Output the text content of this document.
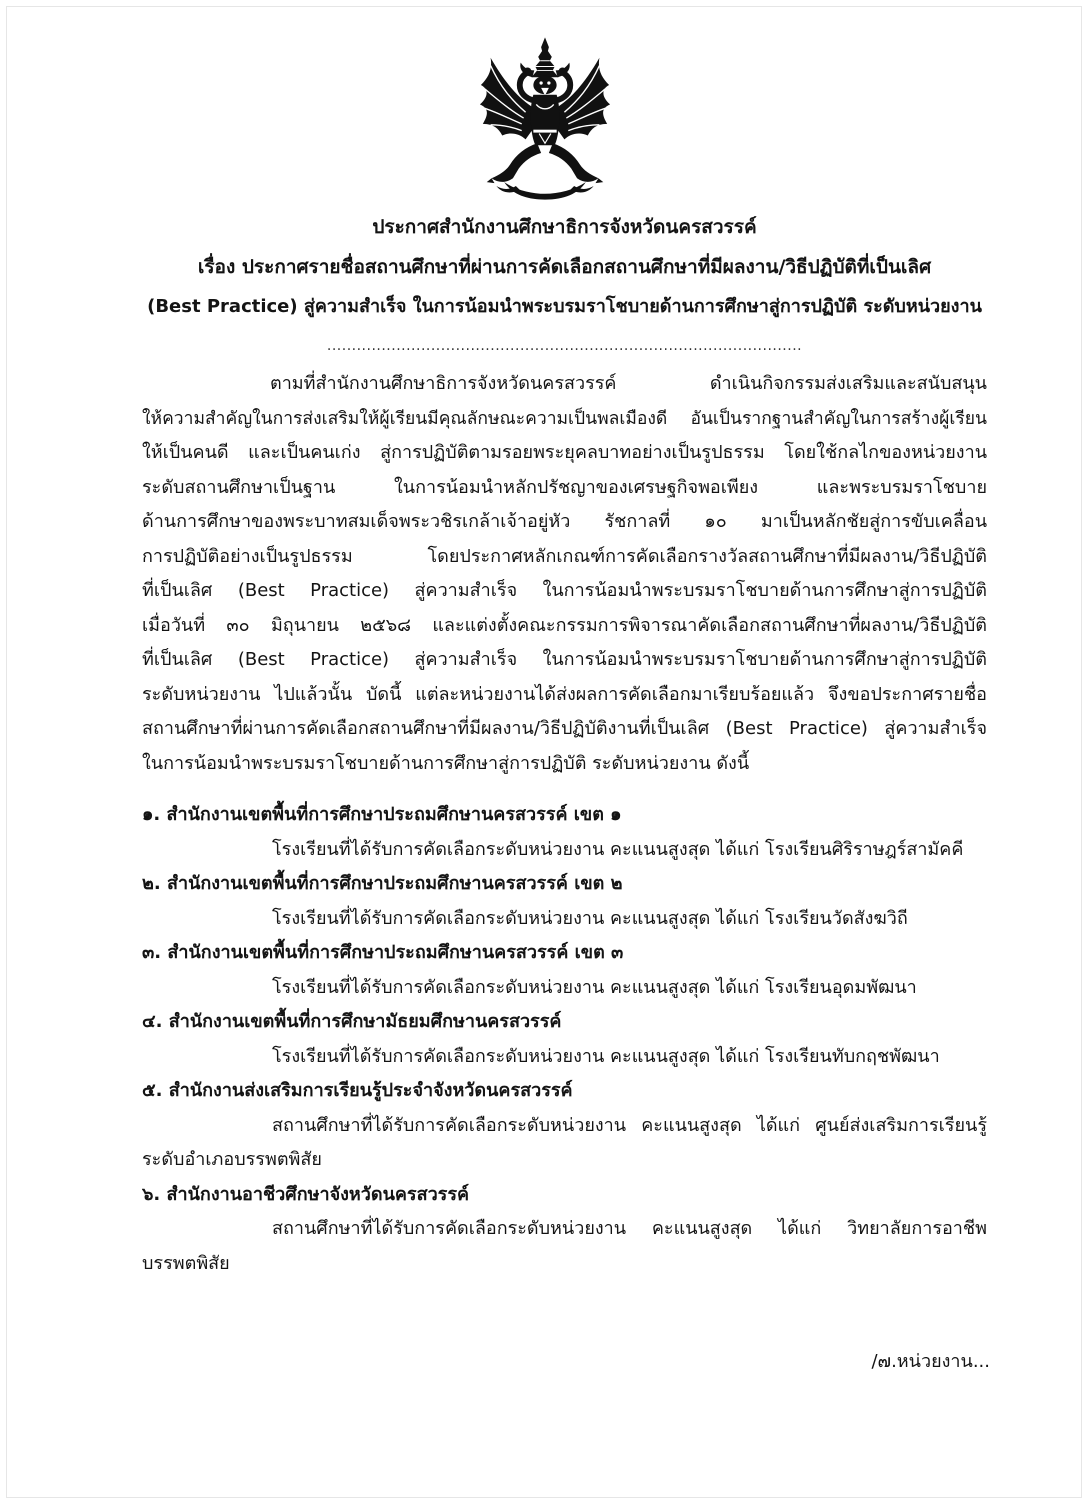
ประกาศสำนักงานศึกษาธิการจังหวัดนครสวรรค์
เรื่อง ประกาศรายชื่อสถานศึกษาที่ผ่านการคัดเลือกสถานศึกษาที่มีผลงาน/วิธีปฏิบัติที่เป็นเลิศ
(Best Practice) สู่ความสำเร็จ ในการน้อมนำพระบรมราโชบายด้านการศึกษาสู่การปฏิบัติ ระดับหน่วยงาน
................................................................................................
ตามที่สำนักงานศึกษาธิการจังหวัดนครสวรรค์ ดำเนินกิจกรรมส่งเสริมและสนับสนุน
ให้ความสำคัญในการส่งเสริมให้ผู้เรียนมีคุณลักษณะความเป็นพลเมืองดี อันเป็นรากฐานสำคัญในการสร้างผู้เรียน
ให้เป็นคนดี และเป็นคนเก่ง สู่การปฏิบัติตามรอยพระยุคลบาทอย่างเป็นรูปธรรม โดยใช้กลไกของหน่วยงาน
ระดับสถานศึกษาเป็นฐาน ในการน้อมนำหลักปรัชญาของเศรษฐกิจพอเพียง และพระบรมราโชบาย
ด้านการศึกษาของพระบาทสมเด็จพระวชิรเกล้าเจ้าอยู่หัว รัชกาลที่ ๑๐ มาเป็นหลักชัยสู่การขับเคลื่อน
การปฏิบัติอย่างเป็นรูปธรรม โดยประกาศหลักเกณฑ์การคัดเลือกรางวัลสถานศึกษาที่มีผลงาน/วิธีปฏิบัติ
ที่เป็นเลิศ (Best Practice) สู่ความสำเร็จ ในการน้อมนำพระบรมราโชบายด้านการศึกษาสู่การปฏิบัติ
เมื่อวันที่ ๓๐ มิถุนายน ๒๕๖๘ และแต่งตั้งคณะกรรมการพิจารณาคัดเลือกสถานศึกษาที่ผลงาน/วิธีปฏิบัติ
ที่เป็นเลิศ (Best Practice) สู่ความสำเร็จ ในการน้อมนำพระบรมราโชบายด้านการศึกษาสู่การปฏิบัติ
ระดับหน่วยงาน ไปแล้วนั้น บัดนี้ แต่ละหน่วยงานได้ส่งผลการคัดเลือกมาเรียบร้อยแล้ว จึงขอประกาศรายชื่อ
สถานศึกษาที่ผ่านการคัดเลือกสถานศึกษาที่มีผลงาน/วิธีปฏิบัติงานที่เป็นเลิศ (Best Practice) สู่ความสำเร็จ
ในการน้อมนำพระบรมราโชบายด้านการศึกษาสู่การปฏิบัติ ระดับหน่วยงาน ดังนี้
๑. สำนักงานเขตพื้นที่การศึกษาประถมศึกษานครสวรรค์ เขต ๑
โรงเรียนที่ได้รับการคัดเลือกระดับหน่วยงาน คะแนนสูงสุด ได้แก่ โรงเรียนศิริราษฎร์สามัคคี
๒. สำนักงานเขตพื้นที่การศึกษาประถมศึกษานครสวรรค์ เขต ๒
โรงเรียนที่ได้รับการคัดเลือกระดับหน่วยงาน คะแนนสูงสุด ได้แก่ โรงเรียนวัดสังฆวิถี
๓. สำนักงานเขตพื้นที่การศึกษาประถมศึกษานครสวรรค์ เขต ๓
โรงเรียนที่ได้รับการคัดเลือกระดับหน่วยงาน คะแนนสูงสุด ได้แก่ โรงเรียนอุดมพัฒนา
๔. สำนักงานเขตพื้นที่การศึกษามัธยมศึกษานครสวรรค์
โรงเรียนที่ได้รับการคัดเลือกระดับหน่วยงาน คะแนนสูงสุด ได้แก่ โรงเรียนทับกฤชพัฒนา
๕. สำนักงานส่งเสริมการเรียนรู้ประจำจังหวัดนครสวรรค์
สถานศึกษาที่ได้รับการคัดเลือกระดับหน่วยงาน คะแนนสูงสุด ได้แก่ ศูนย์ส่งเสริมการเรียนรู้
ระดับอำเภอบรรพตพิสัย
๖. สำนักงานอาชีวศึกษาจังหวัดนครสวรรค์
สถานศึกษาที่ได้รับการคัดเลือกระดับหน่วยงาน คะแนนสูงสุด ได้แก่ วิทยาลัยการอาชีพ
บรรพตพิสัย
/๗.หน่วยงาน...
